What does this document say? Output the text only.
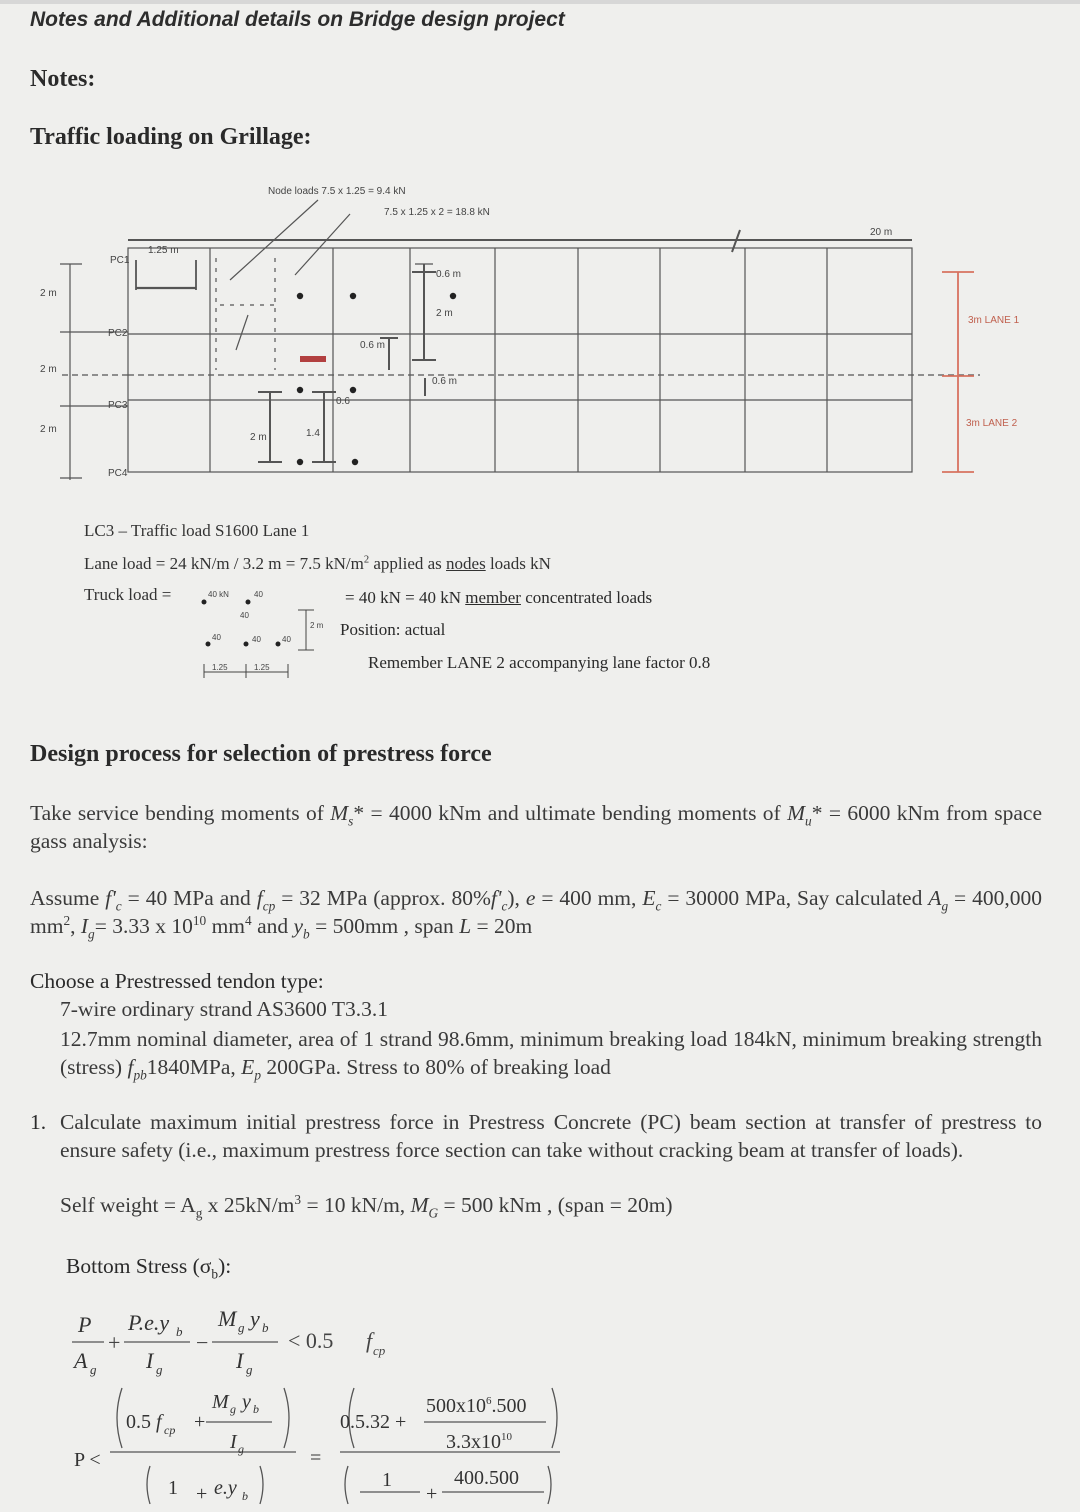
Notes and Additional details on Bridge design project
Notes:
Traffic loading on Grillage:
Node loads 7.5 x 1.25 = 9.4 kN
7.5 x 1.25 x 2 = 18.8 kN
20 m
1.25 m
PC1
PC2
PC3
PC4
2 m
2 m
2 m
0.6 m
2 m
0.6 m
0.6 m
0.6
2 m	1.4
3m LANE 1
3m LANE 2
LC3 – Traffic load S1600 Lane 1
Lane load = 24 kN/m / 3.2 m = 7.5 $kN/m^2$ applied as nodes loads kN
Truck load =	40 kN	40
40
40	40	40
1.25	1.25
2 m
= 40 kN = 40 kN member concentrated loads
Position: actual
Remember LANE 2 accompanying lane factor 0.8
Design process for selection of prestress force
Take service bending moments of $M_s* = 4000$ kNm and ultimate bending moments of $M_u* = 6000$ kNm from space gass analysis:
Assume $f'_c = 40$ MPa and $f_{cp} = 32$ MPa (approx. $80\%f'_c$), e = 400 mm, $E_c = 30000$ MPa, Say calculated $A_g = 400,000$ $mm^2$, $I_g= 3.33$ x $10^{10}$ $mm^4$ and $y_b = 500mm$ , span L = 20m
Choose a Prestressed tendon type:
7-wire ordinary strand AS3600 T3.3.1
12.7mm nominal diameter, area of 1 strand 98.6mm, minimum breaking load 184kN, minimum breaking strength (stress) $f_{pb}1840MPa$, $E_p$ 200GPa. Stress to 80% of breaking load
1. Calculate maximum initial prestress force in Prestress Concrete (PC) beam section at transfer of prestress to ensure safety (i.e., maximum prestress force section can take without cracking beam at transfer of loads).
Self weight = $A_g$ x $25kN/m^3 = 10$ kN/m, $M_G = 500$ kNm , (span = 20m)
Bottom Stress $(\sigma_b)$:
P
A g
P.e.y b
I g
M g y b
I g
+	−	< 0.5 f cp
0.5 f cp +
M g y b
I g
P <	=
0.5.32 +
$500x10^6.500$
$3.3x10^{10}$
1 + e.y b
1
+
400.500
